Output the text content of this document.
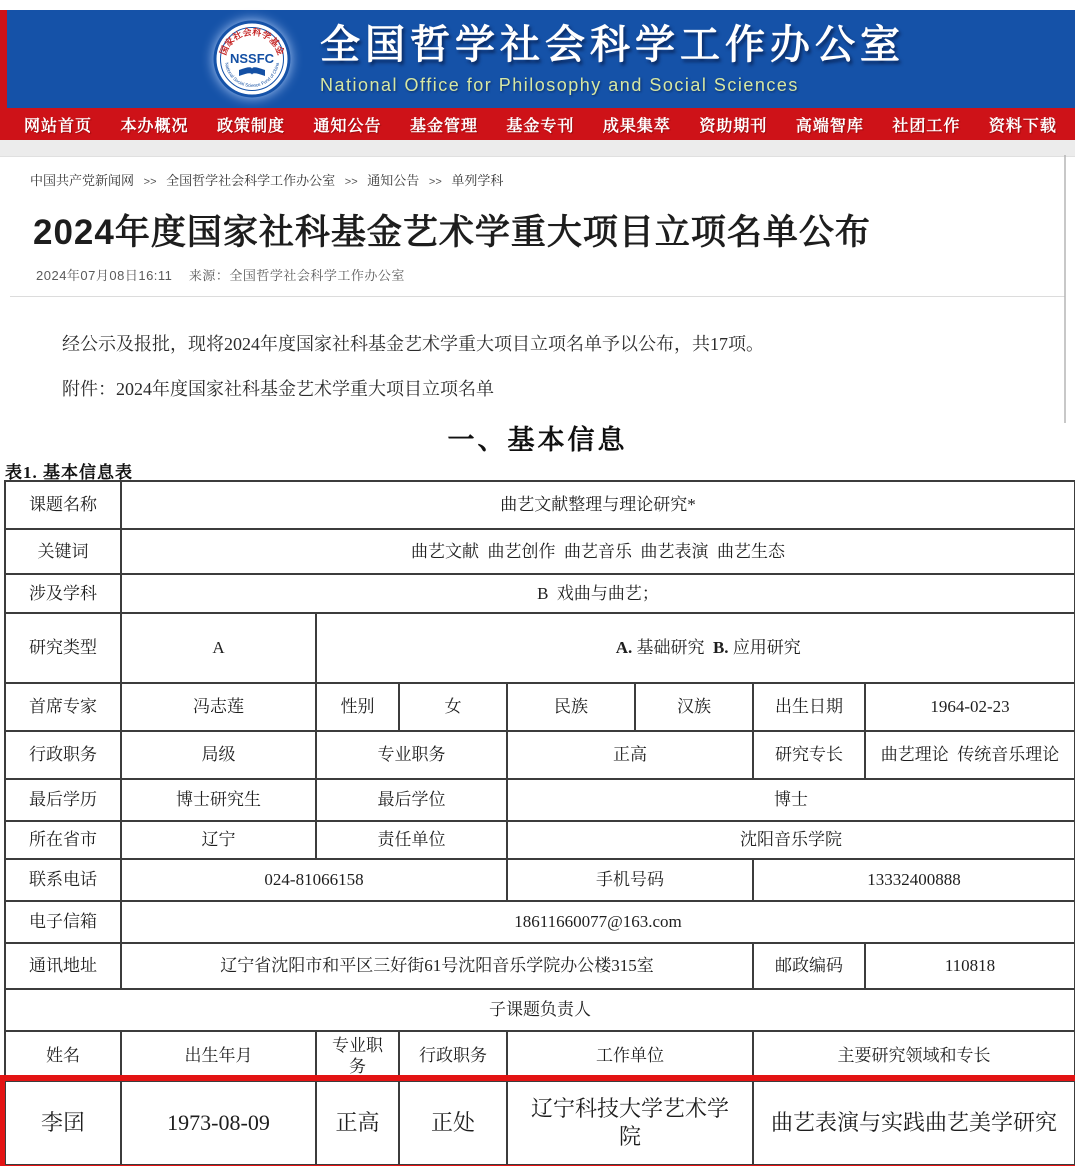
国家社会科学基金
NSSFC
National Social Science Fund of China 全国哲学社会科学工作办公室
National Office for Philosophy and Social Sciences
网站首页 本办概况 政策制度 通知公告 基金管理 基金专刊 成果集萃 资助期刊 高端智库 社团工作 资料下载
中国共产党新闻网 >> 全国哲学社会科学工作办公室 >> 通知公告 >> 单列学科
2024年度国家社科基金艺术学重大项目立项名单公布
2024年07月08日16:11 来源：全国哲学社会科学工作办公室

经公示及报批，现将2024年度国家社科基金艺术学重大项目立项名单予以公布，共17项。

附件：2024年度国家社科基金艺术学重大项目立项名单

一、基本信息
表1. 基本信息表
课题名称	曲艺文献整理与理论研究*						
关键词	曲艺文献  曲艺创作  曲艺音乐  曲艺表演  曲艺生态						
涉及学科	B  戏曲与曲艺；						
研究类型	A	A. 基础研究  B. 应用研究					

首席专家	冯志莲	性别	女	民族	汉族	出生日期	1964-02-23
行政职务	局级	专业职务		正高		研究专长	曲艺理论  传统音乐理论
最后学历	博士研究生	最后学位		博士			
所在省市	辽宁	责任单位		沈阳音乐学院			
联系电话	024-81066158			手机号码		13332400888	
电子信箱	18611660077@163.com						
通讯地址	辽宁省沈阳市和平区三好街61号沈阳音乐学院办公楼315室					邮政编码	110818
子课题负责人							
姓名	出生年月	专业职务	行政职务	工作单位		主要研究领域和专长	
李囝	1973-08-09	正高	正处	辽宁科技大学艺术学院		曲艺表演与实践曲艺美学研究	
